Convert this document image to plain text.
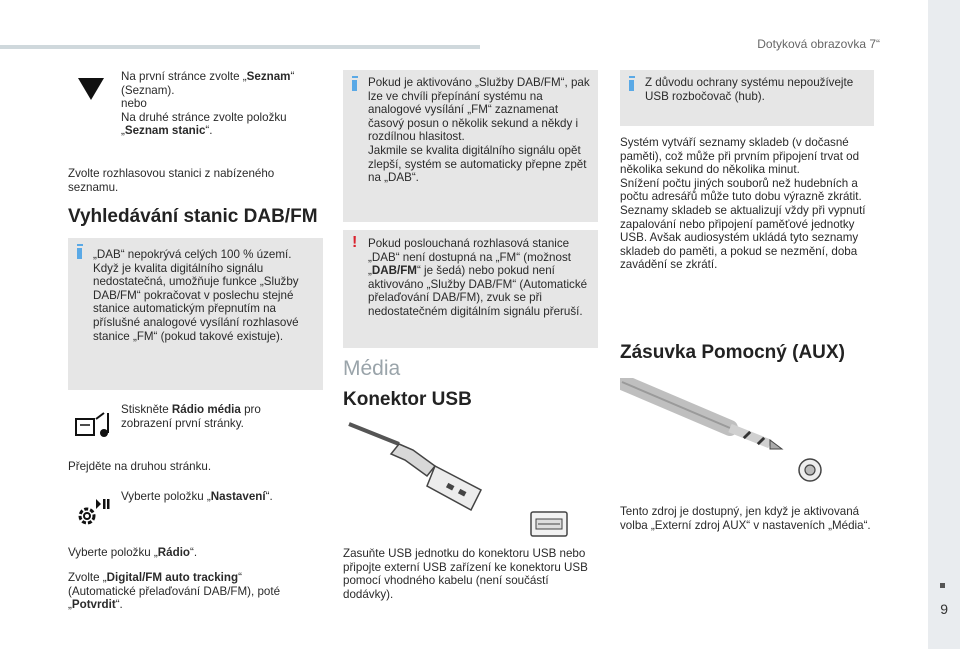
Dotyková obrazovka 7“
9

Na první stránce zvolte „Seznam“

(Seznam).

nebo

Na druhé stránce zvolte položku

„Seznam stanic“.

Zvolte rozhlasovou stanici z nabízeného seznamu.

Vyhledávání stanic DAB/FM

„DAB“ nepokrývá celých 100 % území. Když je kvalita digitálního signálu nedostatečná, umožňuje funkce „Služby DAB/FM“ pokračovat v poslechu stejné stanice automatickým přepnutím na příslušné analogové vysílání rozhlasové stanice „FM“ (pokud takové existuje).

Stiskněte Rádio média pro zobrazení první stránky.

Přejděte na druhou stránku.

Vyberte položku „Nastavení“.

Vyberte položku „Rádio“.

Zvolte „Digital/FM auto tracking“ (Automatické přelaďování DAB/FM), poté „Potvrdit“.

Pokud je aktivováno „Služby DAB/FM“, pak lze ve chvíli přepínání systému na analogové vysílání „FM“ zaznamenat časový posun o několik sekund a někdy i rozdílnou hlasitost.

Jakmile se kvalita digitálního signálu opět zlepší, systém se automaticky přepne zpět na „DAB“.

! Pokud poslouchaná rozhlasová stanice „DAB“ není dostupná na „FM“ (možnost „DAB/FM“ je šedá) nebo pokud není aktivováno „Služby DAB/FM“ (Automatické přelaďování DAB/FM), zvuk se při nedostatečném digitálním signálu přeruší.

Média
Konektor USB

Zasuňte USB jednotku do konektoru USB nebo připojte externí USB zařízení ke konektoru USB pomocí vhodného kabelu (není součástí dodávky).

Z důvodu ochrany systému nepoužívejte USB rozbočovač (hub).

Systém vytváří seznamy skladeb (v dočasné paměti), což může při prvním připojení trvat od několika sekund do několika minut.

Snížení počtu jiných souborů než hudebních a počtu adresářů může tuto dobu výrazně zkrátit.

Seznamy skladeb se aktualizují vždy při vypnutí zapalování nebo připojení paměťové jednotky USB. Avšak audiosystém ukládá tyto seznamy skladeb do paměti, a pokud se nezmění, doba zavádění se zkrátí.

Zásuvka Pomocný (AUX)

Tento zdroj je dostupný, jen když je aktivovaná volba „Externí zdroj AUX“ v nastaveních „Média“.
